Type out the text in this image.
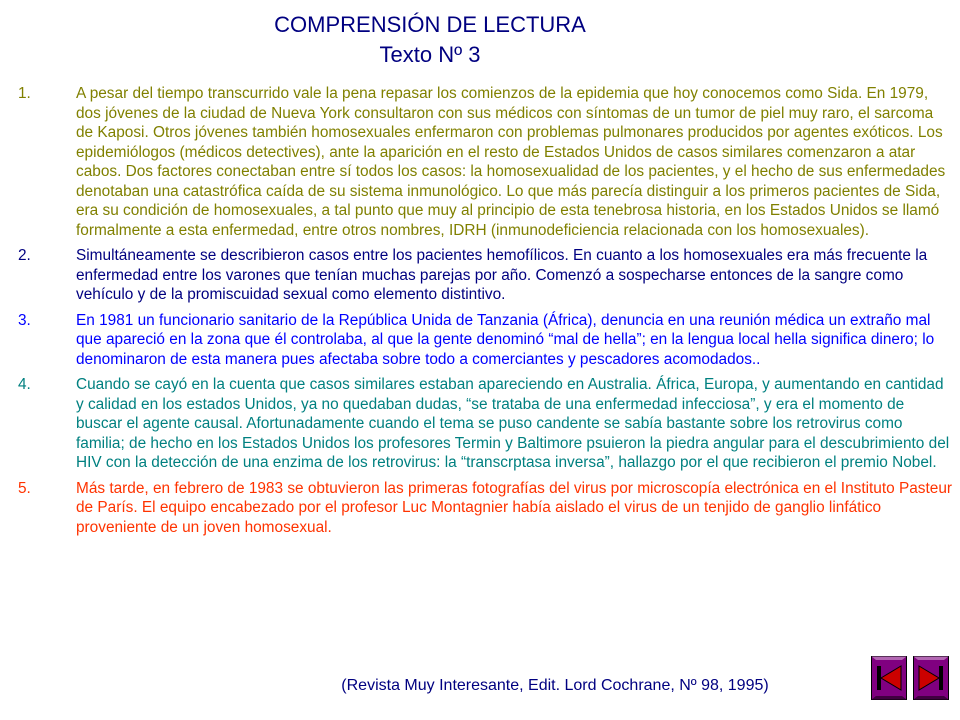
COMPRENSIÓN DE LECTURA
Texto Nº 3
1.	A pesar del tiempo transcurrido vale la pena repasar los comienzos de la epidemia que hoy conocemos como Sida. En 1979, dos jóvenes de la ciudad de Nueva York consultaron con sus médicos con síntomas de un tumor de piel muy raro, el sarcoma de Kaposi. Otros jóvenes también homosexuales enfermaron con problemas pulmonares producidos por agentes exóticos. Los epidemiólogos (médicos detectives), ante la aparición en el resto de Estados Unidos de casos similares comenzaron a atar cabos. Dos factores conectaban entre sí todos los casos: la homosexualidad de los pacientes, y el hecho de sus enfermedades denotaban una catastrófica caída de su sistema inmunológico. Lo que más parecía distinguir a los primeros pacientes de Sida, era su condición de homosexuales, a tal punto que muy al principio de esta tenebrosa historia, en los Estados Unidos se llamó formalmente a esta enfermedad, entre otros nombres, IDRH (inmunodeficiencia relacionada con los homosexuales).
2.	Simultáneamente se describieron casos entre los pacientes hemofílicos. En cuanto a los homosexuales era más frecuente la enfermedad entre los varones que tenían muchas parejas por año. Comenzó a sospecharse entonces de la sangre como vehículo y de la promiscuidad sexual como elemento distintivo.
3.	En 1981 un funcionario sanitario de la República Unida de Tanzania (África), denuncia en una reunión médica un extraño mal que apareció en la zona que él controlaba, al que la gente denominó “mal de hella”; en la lengua local hella significa dinero; lo denominaron de esta manera pues afectaba sobre todo a comerciantes y pescadores acomodados..
4.	Cuando se cayó en la cuenta que casos similares estaban apareciendo en Australia. África, Europa, y aumentando en cantidad y calidad en los estados Unidos, ya no quedaban dudas, “se trataba de una enfermedad infecciosa”, y era el momento de buscar el agente causal. Afortunadamente cuando el tema se puso candente se sabía bastante sobre los retrovirus como familia; de hecho en los Estados Unidos los profesores Termin y Baltimore psuieron la piedra angular para el descubrimiento del HIV con la detección de una enzima de los retrovirus: la “transcrptasa inversa”, hallazgo por el que recibieron el premio Nobel.
5.	Más tarde, en febrero de 1983 se obtuvieron las primeras fotografías del virus por microscopía electrónica en el Instituto Pasteur de París. El equipo encabezado por el profesor Luc Montagnier había aislado el virus de un tenjido de ganglio linfático proveniente de un joven homosexual.
(Revista Muy Interesante, Edit. Lord Cochrane, Nº 98, 1995)
